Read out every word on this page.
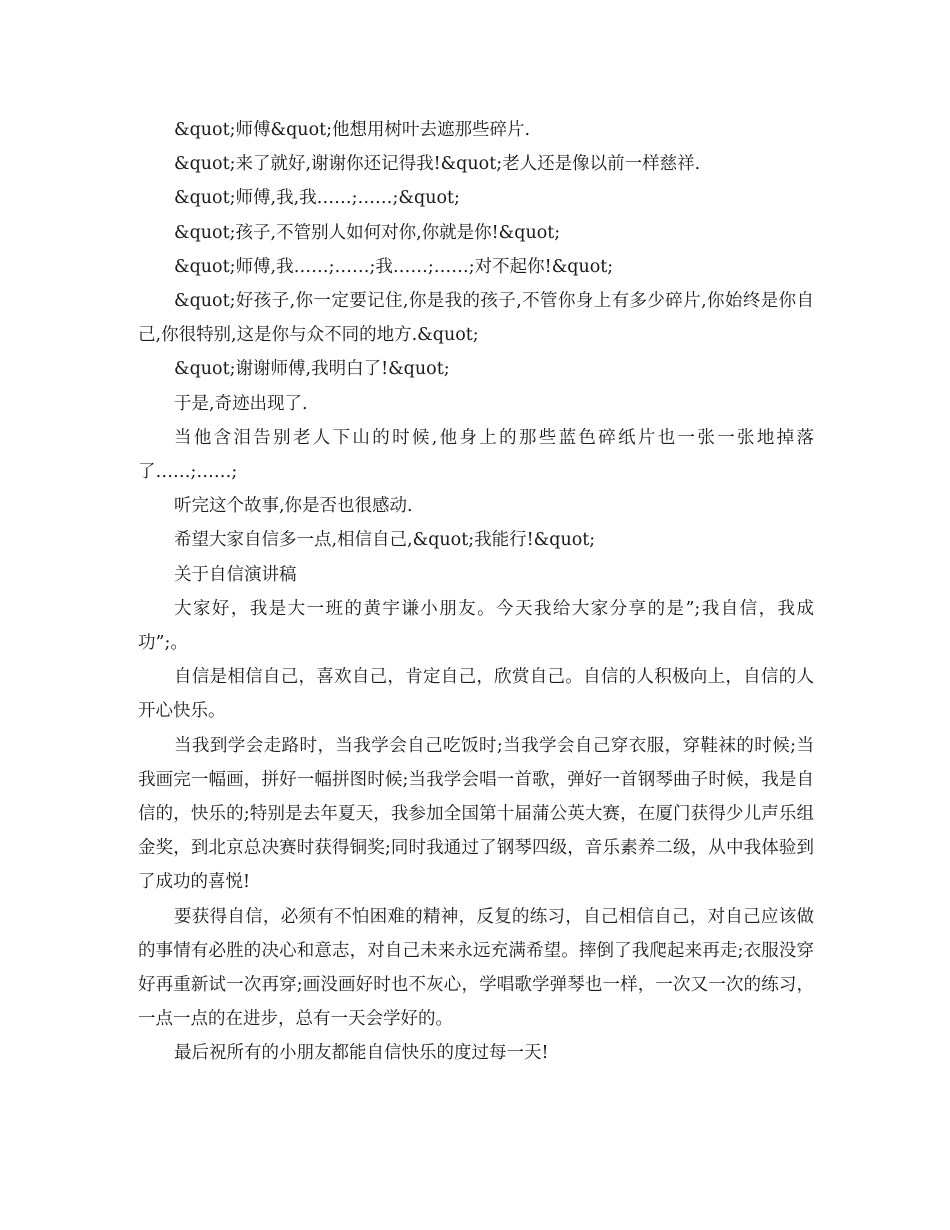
&quot;师傅&quot;他想用树叶去遮那些碎片.

&quot;来了就好,谢谢你还记得我!&quot;老人还是像以前一样慈祥.

&quot;师傅,我,我……;……;&quot;

&quot;孩子,不管别人如何对你,你就是你!&quot;

&quot;师傅,我……;……;我……;……;对不起你!&quot;

&quot;好孩子,你一定要记住,你是我的孩子,不管你身上有多少碎片,你始终是你自己,你很特别,这是你与众不同的地方.&quot;

&quot;谢谢师傅,我明白了!&quot;

于是,奇迹出现了.

当他含泪告别老人下山的时候,他身上的那些蓝色碎纸片也一张一张地掉落了……;……;

听完这个故事,你是否也很感动.

希望大家自信多一点,相信自己,&quot;我能行!&quot;

关于自信演讲稿

大家好，我是大一班的黄宇谦小朋友。今天我给大家分享的是”;我自信，我成功”;。

自信是相信自己，喜欢自己，肯定自己，欣赏自己。自信的人积极向上，自信的人开心快乐。

当我到学会走路时，当我学会自己吃饭时;当我学会自己穿衣服，穿鞋袜的时候;当我画完一幅画，拼好一幅拼图时候;当我学会唱一首歌，弹好一首钢琴曲子时候，我是自信的，快乐的;特别是去年夏天，我参加全国第十届蒲公英大赛，在厦门获得少儿声乐组金奖，到北京总决赛时获得铜奖;同时我通过了钢琴四级，音乐素养二级，从中我体验到了成功的喜悦!

要获得自信，必须有不怕困难的精神，反复的练习，自己相信自己，对自己应该做的事情有必胜的决心和意志，对自己未来永远充满希望。摔倒了我爬起来再走;衣服没穿好再重新试一次再穿;画没画好时也不灰心，学唱歌学弹琴也一样，一次又一次的练习，一点一点的在进步，总有一天会学好的。

最后祝所有的小朋友都能自信快乐的度过每一天!
